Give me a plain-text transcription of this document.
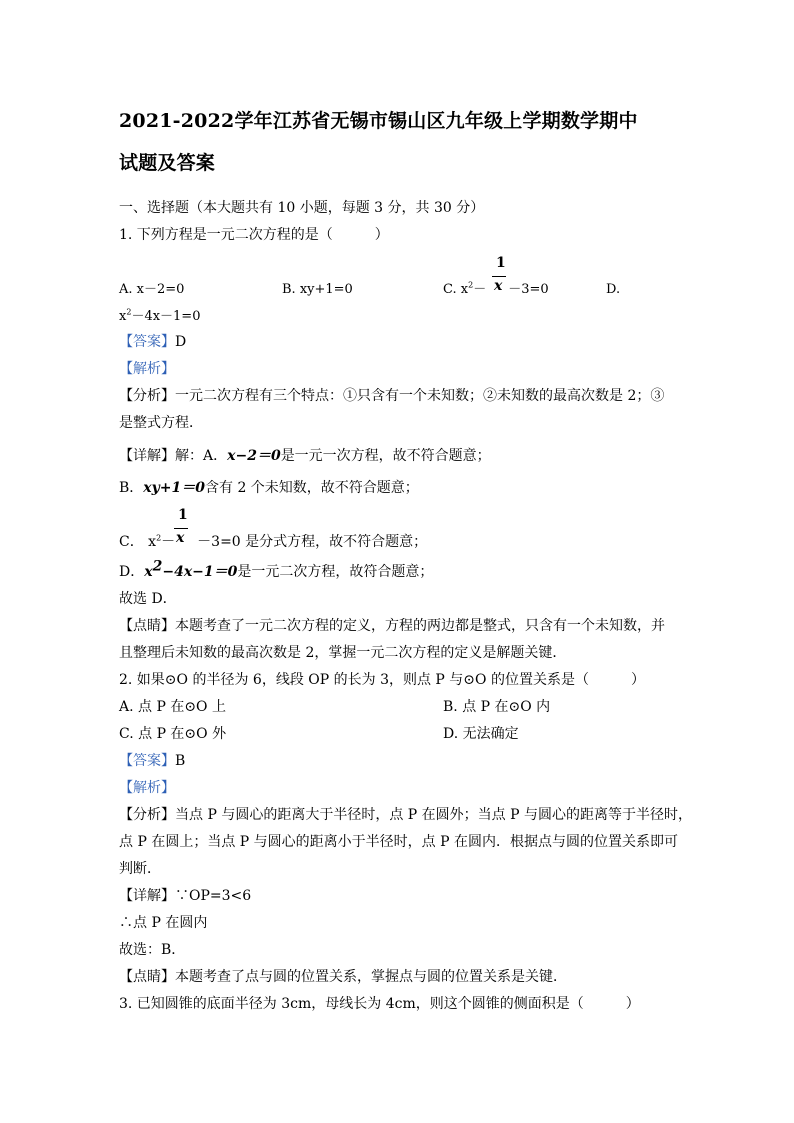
2021-2022学年江苏省无锡市锡山区九年级上学期数学期中
试题及答案
一、选择题（本大题共有 10 小题，每题 3 分，共 30 分）
1. 下列方程是一元二次方程的是（　　　）
A. x－2=0	B. xy+1=0	C. $x^2- -3=0$
1
x	D.
$x^2-4x-1=0$
【答案】D
【解析】
【分析】一元二次方程有三个特点：①只含有一个未知数；②未知数的最高次数是 2；③
是整式方程．
【详解】解：A．x−2＝0是一元一次方程，故不符合题意；
B．xy+1＝0含有 2 个未知数，故不符合题意；
C． $x^2- -3=0$ 是分式方程，故不符合题意；
1
x
D．$x^2-4x-1=0$是一元二次方程，故符合题意；
故选 D．
【点睛】本题考查了一元二次方程的定义，方程的两边都是整式，只含有一个未知数，并
且整理后未知数的最高次数是 2，掌握一元二次方程的定义是解题关键．
2. 如果⊙O 的半径为 6，线段 OP 的长为 3，则点 P 与⊙O 的位置关系是（　　　）
A. 点 P 在⊙O 上	B. 点 P 在⊙O 内
C. 点 P 在⊙O 外	D. 无法确定
【答案】B
【解析】
【分析】当点 P 与圆心的距离大于半径时，点 P 在圆外；当点 P 与圆心的距离等于半径时，
点 P 在圆上；当点 P 与圆心的距离小于半径时，点 P 在圆内．根据点与圆的位置关系即可
判断．
【详解】∵OP=3<6
∴点 P 在圆内
故选：B．
【点睛】本题考查了点与圆的位置关系，掌握点与圆的位置关系是关键．
3. 已知圆锥的底面半径为 3cm，母线长为 4cm，则这个圆锥的侧面积是（　　　）
